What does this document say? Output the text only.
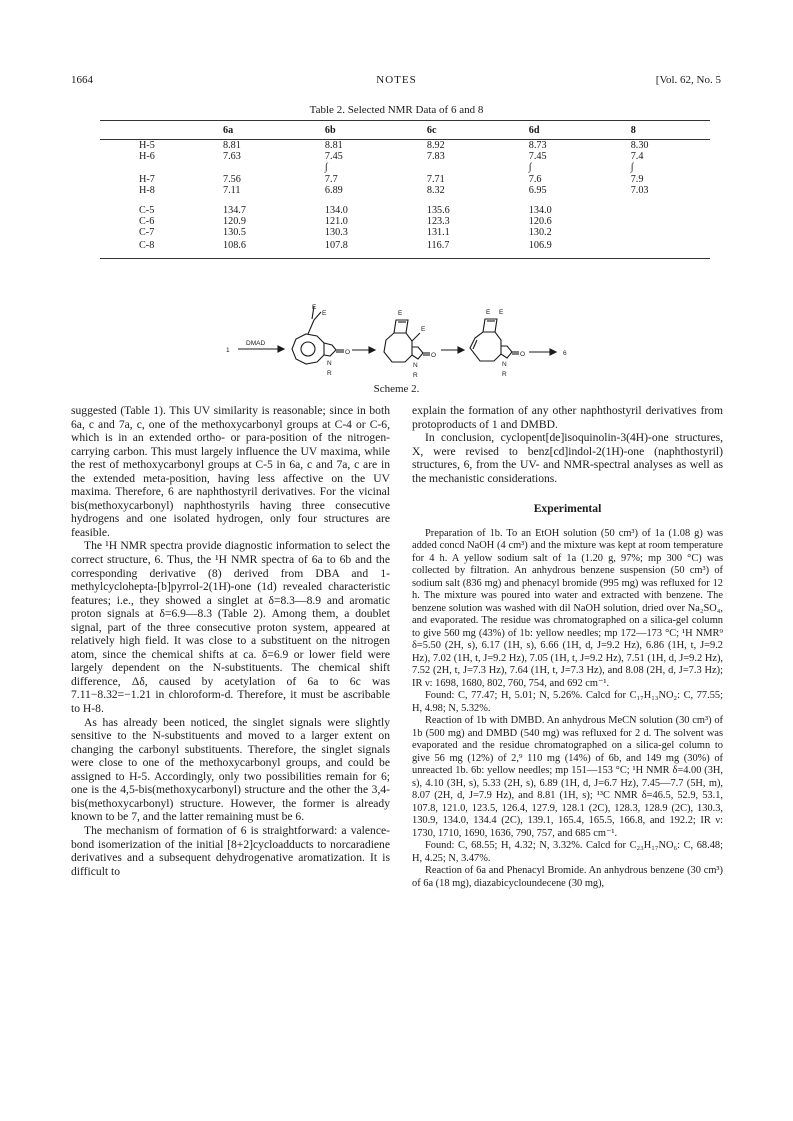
1664	NOTES	[Vol. 62, No. 5
Table 2. Selected NMR Data of 6 and 8
	6a	6b	6c	6d	8
H-5	8.81	8.81	8.92	8.73	8.30
H-6	7.63	7.45	7.83	7.45	7.4
		∫		∫	∫
H-7	7.56	7.7	7.71	7.6	7.9
H-8	7.11	6.89	8.32	6.95	7.03

C-5	134.7	134.0	135.6	134.0	
C-6	120.9	121.0	123.3	120.6	
C-7	130.5	130.3	131.1	130.2	
C-8	108.6	107.8	116.7	106.9	
1
DMAD
E
E
O
N
R
E
E
O
N
R
E E
O
N
R
6
Scheme 2.

suggested (Table 1). This UV similarity is reasonable; since in both 6a, c and 7a, c, one of the methoxycarbonyl groups at C-4 or C-6, which is in an extended ortho- or para-position of the nitrogen-carrying carbon. This must largely influence the UV maxima, while the rest of methoxycarbonyl groups at C-5 in 6a, c and 7a, c are in the extended meta-position, having less affective on the UV maxima. Therefore, 6 are naphthostyril derivatives. For the vicinal bis(methoxycarbonyl) naphthostyrils having three consecutive hydrogens and one isolated hydrogen, only four structures are feasible.

The ¹H NMR spectra provide diagnostic information to select the correct structure, 6. Thus, the ¹H NMR spectra of 6a to 6b and the corresponding derivative (8) derived from DBA and 1-methylcyclohepta-[b]pyrrol-2(1H)-one (1d) revealed characteristic features; i.e., they showed a singlet at δ=8.3—8.9 and aromatic proton signals at δ=6.9—8.3 (Table 2). Among them, a doublet signal, part of the three consecutive proton system, appeared at relatively high field. It was close to a substituent on the nitrogen atom, since the chemical shifts at ca. δ=6.9 or lower field were largely dependent on the N-substituents. The chemical shift difference, Δδ, caused by acetylation of 6a to 6c was 7.11−8.32=−1.21 in chloroform-d. Therefore, it must be ascribable to H-8.

As has already been noticed, the singlet signals were slightly sensitive to the N-substituents and moved to a larger extent on changing the carbonyl substituents. Therefore, the singlet signals were close to one of the methoxycarbonyl groups, and could be assigned to H-5. Accordingly, only two possibilities remain for 6; one is the 4,5-bis(methoxycarbonyl) structure and the other the 3,4-bis(methoxycarbonyl) structure. However, the former is already known to be 7, and the latter remaining must be 6.

The mechanism of formation of 6 is straightforward: a valence-bond isomerization of the initial [8+2]cycloadducts to norcaradiene derivatives and a subsequent dehydrogenative aromatization. It is difficult to

explain the formation of any other naphthostyril derivatives from protoproducts of 1 and DMBD.

In conclusion, cyclopent[de]isoquinolin-3(4H)-one structures, X, were revised to benz[cd]indol-2(1H)-one (naphthostyril) structures, 6, from the UV- and NMR-spectral analyses as well as the mechanistic considerations.

Experimental

Preparation of 1b. To an EtOH solution (50 cm³) of 1a (1.08 g) was added concd NaOH (4 cm³) and the mixture was kept at room temperature for 4 h. A yellow sodium salt of 1a (1.20 g, 97%; mp 300 °C) was collected by filtration. An anhydrous benzene suspension (50 cm³) of sodium salt (836 mg) and phenacyl bromide (995 mg) was refluxed for 12 h. The mixture was poured into water and extracted with benzene. The benzene solution was washed with dil NaOH solution, dried over Na₂SO₄, and evaporated. The residue was chromatographed on a silica-gel column to give 560 mg (43%) of 1b: yellow needles; mp 172—173 °C; ¹H NMR⁹ δ=5.50 (2H, s), 6.17 (1H, s), 6.66 (1H, d, J=9.2 Hz), 6.86 (1H, t, J=9.2 Hz), 7.02 (1H, t, J=9.2 Hz), 7.05 (1H, t, J=9.2 Hz), 7.51 (1H, d, J=9.2 Hz), 7.52 (2H, t, J=7.3 Hz), 7.64 (1H, t, J=7.3 Hz), and 8.08 (2H, d, J=7.3 Hz); IR ν: 1698, 1680, 802, 760, 754, and 692 cm⁻¹.

Found: C, 77.47; H, 5.01; N, 5.26%. Calcd for C₁₇H₁₃NO₂: C, 77.55; H, 4.98; N, 5.32%.

Reaction of 1b with DMBD. An anhydrous MeCN solution (30 cm³) of 1b (500 mg) and DMBD (540 mg) was refluxed for 2 d. The solvent was evaporated and the residue chromatographed on a silica-gel column to give 56 mg (12%) of 2,⁹ 110 mg (14%) of 6b, and 149 mg (30%) of unreacted 1b. 6b: yellow needles; mp 151—153 °C; ¹H NMR δ=4.00 (3H, s), 4.10 (3H, s), 5.33 (2H, s), 6.89 (1H, d, J=6.7 Hz), 7.45—7.7 (5H, m), 8.07 (2H, d, J=7.9 Hz), and 8.81 (1H, s); ¹³C NMR δ=46.5, 52.9, 53.1, 107.8, 121.0, 123.5, 126.4, 127.9, 128.1 (2C), 128.3, 128.9 (2C), 130.3, 130.9, 134.0, 134.4 (2C), 139.1, 165.4, 165.5, 166.8, and 192.2; IR ν: 1730, 1710, 1690, 1636, 790, 757, and 685 cm⁻¹.

Found: C, 68.55; H, 4.32; N, 3.32%. Calcd for C₂₃H₁₇NO₆: C, 68.48; H, 4.25; N, 3.47%.

Reaction of 6a and Phenacyl Bromide. An anhydrous benzene (30 cm³) of 6a (18 mg), diazabicycloundecene (30 mg),
